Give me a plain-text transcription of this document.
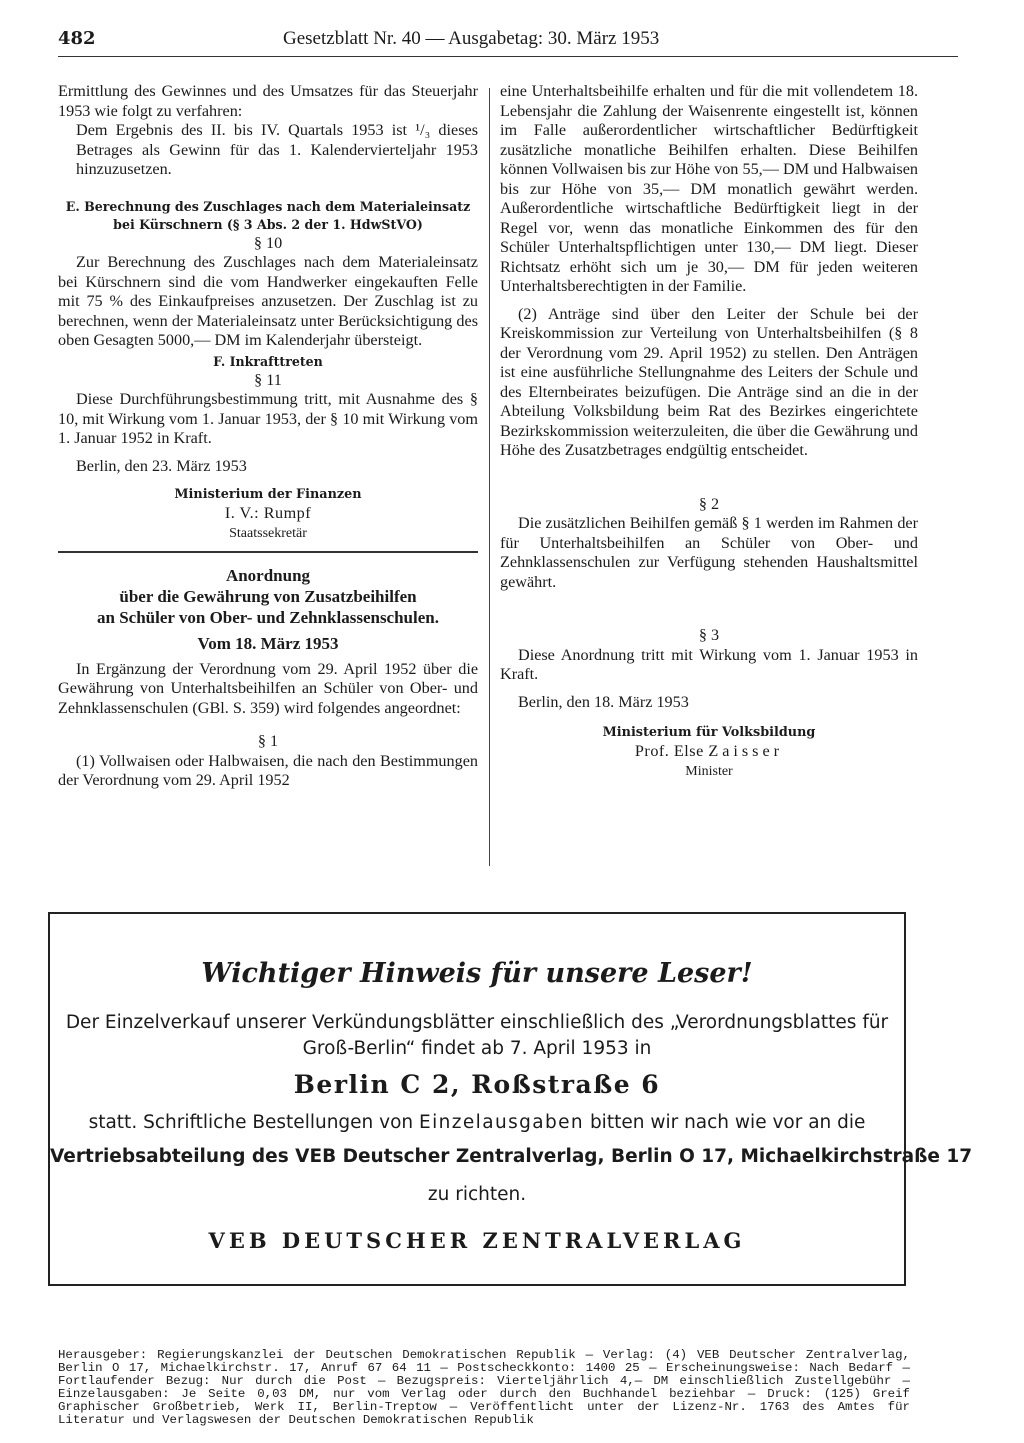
482	Gesetzblatt Nr. 40 — Ausgabetag: 30. März 1953

Ermittlung des Gewinnes und des Umsatzes für das Steuerjahr 1953 wie folgt zu verfahren:

Dem Ergebnis des II. bis IV. Quartals 1953 ist ¹/₃ dieses Betrages als Gewinn für das 1. Kalendervierteljahr 1953 hinzuzusetzen.

E. Berechnung des Zuschlages nach dem Materialeinsatz

bei Kürschnern (§ 3 Abs. 2 der 1. HdwStVO)

§ 10

Zur Berechnung des Zuschlages nach dem Materialeinsatz bei Kürschnern sind die vom Handwerker eingekauften Felle mit 75 % des Einkaufpreises anzusetzen. Der Zuschlag ist zu berechnen, wenn der Materialeinsatz unter Berücksichtigung des oben Gesagten 5000,— DM im Kalenderjahr übersteigt.

F. Inkrafttreten

§ 11

Diese Durchführungsbestimmung tritt, mit Ausnahme des § 10, mit Wirkung vom 1. Januar 1953, der § 10 mit Wirkung vom 1. Januar 1952 in Kraft.

Berlin, den 23. März 1953

Ministerium der Finanzen

I. V.: Rumpf

Staatssekretär

Anordnung

über die Gewährung von Zusatzbeihilfen

an Schüler von Ober- und Zehnklassenschulen.

Vom 18. März 1953

In Ergänzung der Verordnung vom 29. April 1952 über die Gewährung von Unterhaltsbeihilfen an Schüler von Ober- und Zehnklassenschulen (GBl. S. 359) wird folgendes angeordnet:

§ 1

(1) Vollwaisen oder Halbwaisen, die nach den Bestimmungen der Verordnung vom 29. April 1952

eine Unterhaltsbeihilfe erhalten und für die mit vollendetem 18. Lebensjahr die Zahlung der Waisenrente eingestellt ist, können im Falle außerordentlicher wirtschaftlicher Bedürftigkeit zusätzliche monatliche Beihilfen erhalten. Diese Beihilfen können Vollwaisen bis zur Höhe von 55,— DM und Halbwaisen bis zur Höhe von 35,— DM monatlich gewährt werden. Außerordentliche wirtschaftliche Bedürftigkeit liegt in der Regel vor, wenn das monatliche Einkommen des für den Schüler Unterhaltspflichtigen unter 130,— DM liegt. Dieser Richtsatz erhöht sich um je 30,— DM für jeden weiteren Unterhaltsberechtigten in der Familie.

(2) Anträge sind über den Leiter der Schule bei der Kreiskommission zur Verteilung von Unterhaltsbeihilfen (§ 8 der Verordnung vom 29. April 1952) zu stellen. Den Anträgen ist eine ausführliche Stellungnahme des Leiters der Schule und des Elternbeirates beizufügen. Die Anträge sind an die in der Abteilung Volksbildung beim Rat des Bezirkes eingerichtete Bezirkskommission weiterzuleiten, die über die Gewährung und Höhe des Zusatzbetrages endgültig entscheidet.

§ 2

Die zusätzlichen Beihilfen gemäß § 1 werden im Rahmen der für Unterhaltsbeihilfen an Schüler von Ober- und Zehnklassenschulen zur Verfügung stehenden Haushaltsmittel gewährt.

§ 3

Diese Anordnung tritt mit Wirkung vom 1. Januar 1953 in Kraft.

Berlin, den 18. März 1953

Ministerium für Volksbildung

Prof. Else Zaisser

Minister

Wichtiger Hinweis für unsere Leser!
Der Einzelverkauf unserer Verkündungsblätter einschließlich des „Verordnungsblattes für
Groß-Berlin“ findet ab 7. April 1953 in
Berlin C 2, Roßstraße 6
statt. Schriftliche Bestellungen von Einzelausgaben bitten wir nach wie vor an die
Vertriebsabteilung des VEB Deutscher Zentralverlag, Berlin O 17, Michaelkirchstraße 17
zu richten.
VEB DEUTSCHER ZENTRALVERLAG

Herausgeber: Regierungskanzlei der Deutschen Demokratischen Republik — Verlag: (4) VEB Deutscher Zentralverlag, Berlin O 17, Michaelkirchstr. 17, Anruf 67 64 11 — Postscheckkonto: 1400 25 — Erscheinungsweise: Nach Bedarf — Fortlaufender Bezug: Nur durch die Post — Bezugspreis: Vierteljährlich 4,— DM einschließlich Zustellgebühr — Einzelausgaben: Je Seite 0,03 DM, nur vom Verlag oder durch den Buchhandel beziehbar — Druck: (125) Greif Graphischer Großbetrieb, Werk II, Berlin-Treptow — Veröffentlicht unter der Lizenz-Nr. 1763 des Amtes für Literatur und Verlagswesen der Deutschen Demokratischen Republik
